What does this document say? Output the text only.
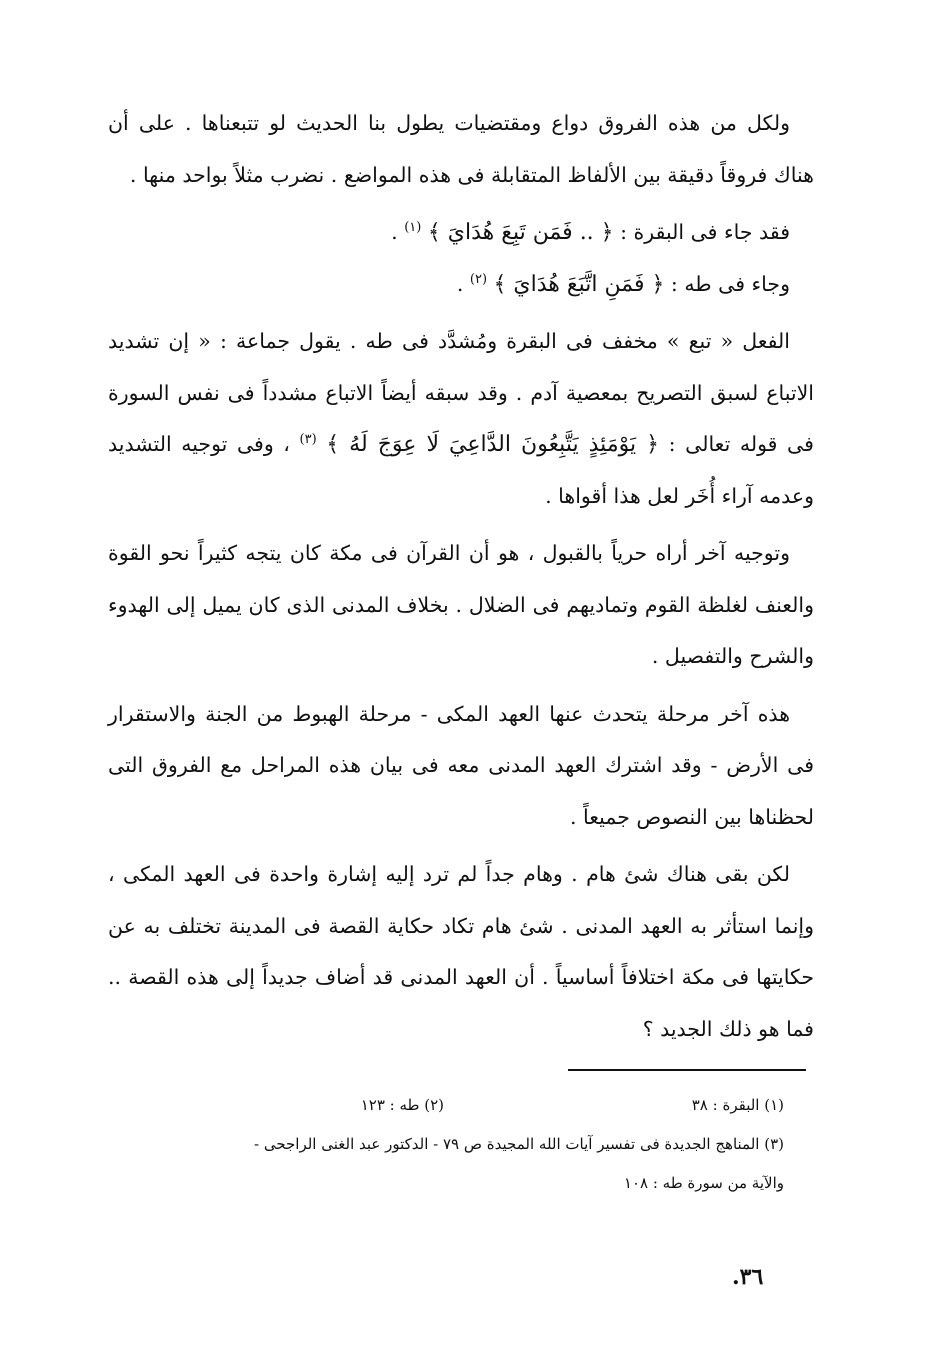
ولكل من هذه الفروق دواع ومقتضيات يطول بنا الحديث لو تتبعناها . على أن هناك فروقاً دقيقة بين الألفاظ المتقابلة فى هذه المواضع . نضرب مثلاً بواحد منها .

فقد جاء فى البقرة : ﴿ .. فَمَن تَبِعَ هُدَايَ ﴾ $^{(١)}$ .

وجاء فى طه : ﴿ فَمَنِ اتَّبَعَ هُدَايَ ﴾ $^{(٢)}$ .

الفعل « تبع » مخفف فى البقرة ومُشدَّد فى طه . يقول جماعة : « إن تشديد الاتباع لسبق التصريح بمعصية آدم . وقد سبقه أيضاً الاتباع مشدداً فى نفس السورة فى قوله تعالى : ﴿ يَوْمَئِذٍ يَتَّبِعُونَ الدَّاعِيَ لَا عِوَجَ لَهُ ﴾ $^{(٣)}$ ، وفى توجيه التشديد وعدمه آراء أُخَر لعل هذا أقواها .

وتوجيه آخر أراه حرياً بالقبول ، هو أن القرآن فى مكة كان يتجه كثيراً نحو القوة والعنف لغلظة القوم وتماديهم فى الضلال . بخلاف المدنى الذى كان يميل إلى الهدوء والشرح والتفصيل .

هذه آخر مرحلة يتحدث عنها العهد المكى - مرحلة الهبوط من الجنة والاستقرار فى الأرض - وقد اشترك العهد المدنى معه فى بيان هذه المراحل مع الفروق التى لحظناها بين النصوص جميعاً .

لكن بقى هناك شئ هام . وهام جداً لم ترد إليه إشارة واحدة فى العهد المكى ، وإنما استأثر به العهد المدنى . شئ هام تكاد حكاية القصة فى المدينة تختلف به عن حكايتها فى مكة اختلافاً أساسياً . أن العهد المدنى قد أضاف جديداً إلى هذه القصة .. فما هو ذلك الجديد ؟

(١) البقرة : ٣٨
(٢) طه : ١٢٣
(٣) المناهج الجديدة فى تفسير آيات الله المجيدة ص ٧٩ - الدكتور عبد الغنى الراجحى -
والآية من سورة طه : ١٠٨
٣٦.
